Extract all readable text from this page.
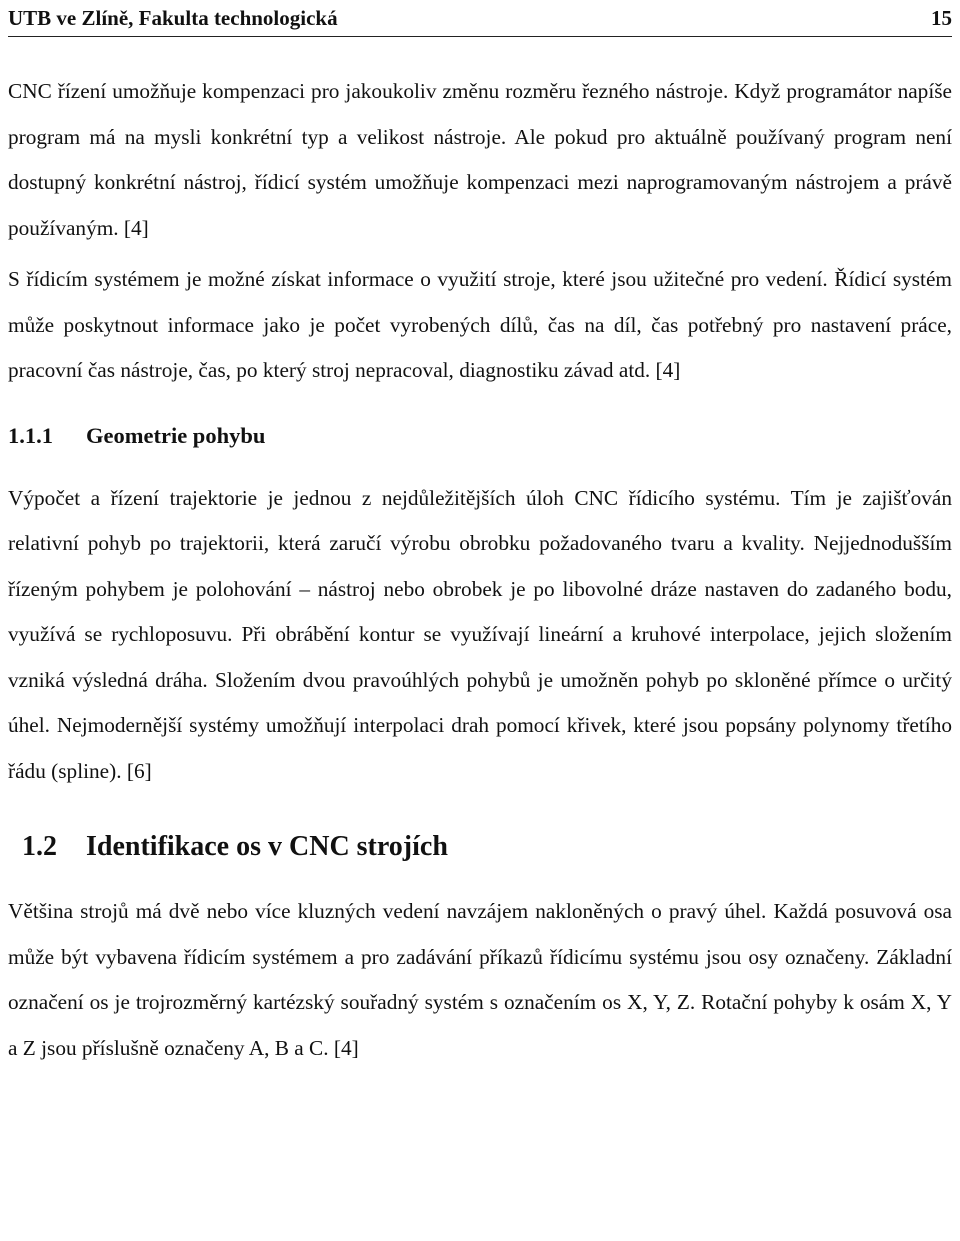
UTB ve Zlíně, Fakulta technologická	15

CNC řízení umožňuje kompenzaci pro jakoukoliv změnu rozměru řezného nástroje. Když programátor napíše program má na mysli konkrétní typ a velikost nástroje. Ale pokud pro aktuálně používaný program není dostupný konkrétní nástroj, řídicí systém umožňuje kompenzaci mezi naprogramovaným nástrojem a právě používaným. [4]

S řídicím systémem je možné získat informace o využití stroje, které jsou užitečné pro vedení. Řídicí systém může poskytnout informace jako je počet vyrobených dílů, čas na díl, čas potřebný pro nastavení práce, pracovní čas nástroje, čas, po který stroj nepracoval, diagnostiku závad atd. [4]

1.1.1 Geometrie pohybu

Výpočet a řízení trajektorie je jednou z nejdůležitějších úloh CNC řídicího systému. Tím je zajišťován relativní pohyb po trajektorii, která zaručí výrobu obrobku požadovaného tvaru a kvality. Nejjednodušším řízeným pohybem je polohování – nástroj nebo obrobek je po libovolné dráze nastaven do zadaného bodu, využívá se rychloposuvu. Při obrábění kontur se využívají lineární a kruhové interpolace, jejich složením vzniká výsledná dráha. Složením dvou pravoúhlých pohybů je umožněn pohyb po skloněné přímce o určitý úhel. Nejmodernější systémy umožňují interpolaci drah pomocí křivek, které jsou popsány polynomy třetího řádu (spline). [6]

1.2 Identifikace os v CNC strojích

Většina strojů má dvě nebo více kluzných vedení navzájem nakloněných o pravý úhel. Každá posuvová osa může být vybavena řídicím systémem a pro zadávání příkazů řídicímu systému jsou osy označeny. Základní označení os je trojrozměrný kartézský souřadný systém s označením os X, Y, Z. Rotační pohyby k osám X, Y a Z jsou příslušně označeny A, B a C. [4]
